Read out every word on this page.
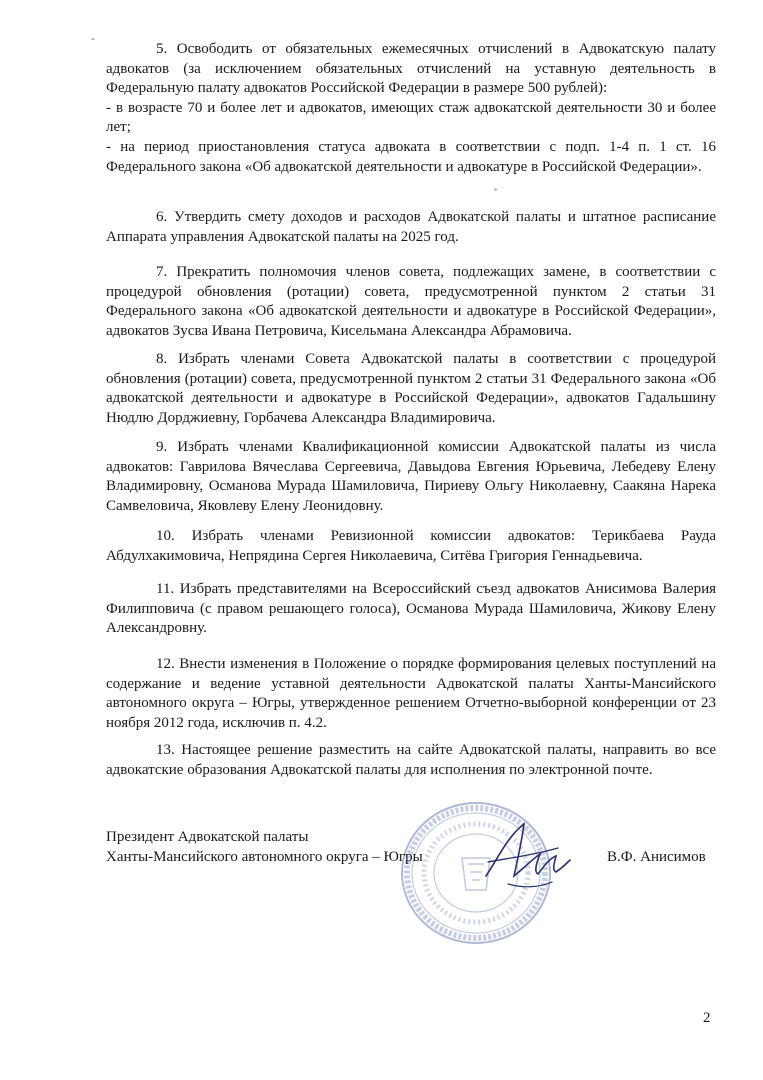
5. Освободить от обязательных ежемесячных отчислений в Адвокатскую палату адвокатов (за исключением обязательных отчислений на уставную деятельность в Федеральную палату адвокатов Российской Федерации в размере 500 рублей):
- в возрасте 70 и более лет и адвокатов, имеющих стаж адвокатской деятельности 30 и более лет;
- на период приостановления статуса адвоката в соответствии с подп. 1-4 п. 1 ст. 16 Федерального закона «Об адвокатской деятельности и адвокатуре в Российской Федерации».

6. Утвердить смету доходов и расходов Адвокатской палаты и штатное расписание Аппарата управления Адвокатской палаты на 2025 год.

7. Прекратить полномочия членов совета, подлежащих замене, в соответствии с процедурой обновления (ротации) совета, предусмотренной пунктом 2 статьи 31 Федерального закона «Об адвокатской деятельности и адвокатуре в Российской Федерации», адвокатов Зусва Ивана Петровича, Кисельмана Александра Абрамовича.

8. Избрать членами Совета Адвокатской палаты в соответствии с процедурой обновления (ротации) совета, предусмотренной пунктом 2 статьи 31 Федерального закона «Об адвокатской деятельности и адвокатуре в Российской Федерации», адвокатов Гадальшину Нюдлю Дорджиевну, Горбачева Александра Владимировича.

9. Избрать членами Квалификационной комиссии Адвокатской палаты из числа адвокатов: Гаврилова Вячеслава Сергеевича, Давыдова Евгения Юрьевича, Лебедеву Елену Владимировну, Османова Мурада Шамиловича, Пириеву Ольгу Николаевну, Саакяна Нарека Самвеловича, Яковлеву Елену Леонидовну.

10. Избрать членами Ревизионной комиссии адвокатов: Терикбаева Рауда Абдулхакимовича, Непрядина Сергея Николаевича, Ситёва Григория Геннадьевича.

11. Избрать представителями на Всероссийский съезд адвокатов Анисимова Валерия Филипповича (с правом решающего голоса), Османова Мурада Шамиловича, Жикову Елену Александровну.

12. Внести изменения в Положение о порядке формирования целевых поступлений на содержание и ведение уставной деятельности Адвокатской палаты Ханты-Мансийского автономного округа – Югры, утвержденное решением Отчетно-выборной конференции от 23 ноября 2012 года, исключив п. 4.2.

13. Настоящее решение разместить на сайте Адвокатской палаты, направить во все адвокатские образования Адвокатской палаты для исполнения по электронной почте.

Президент Адвокатской палаты
Ханты-Мансийского автономного округа – Югры	В.Ф. Анисимов
2
